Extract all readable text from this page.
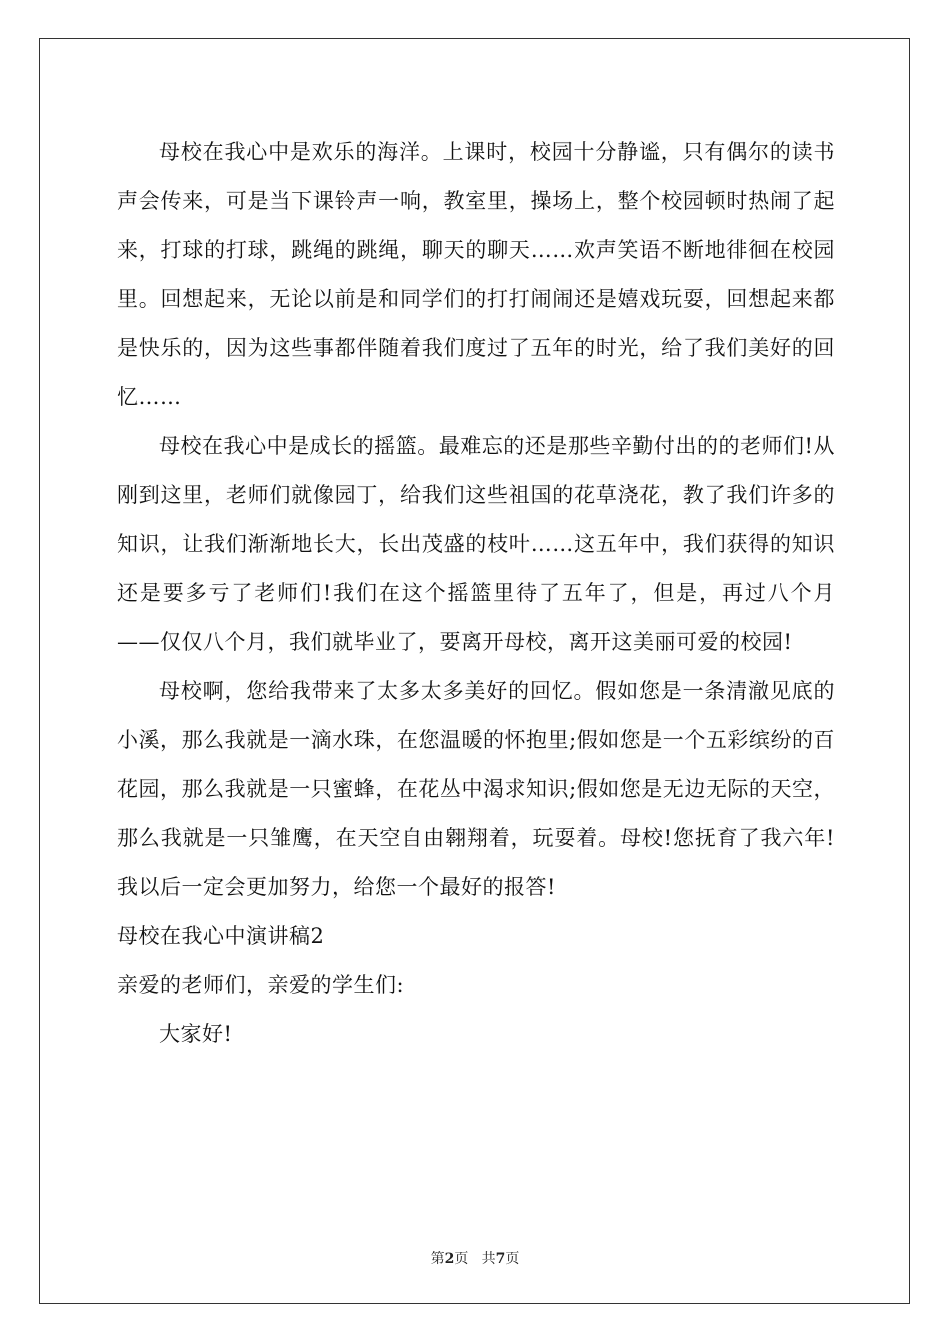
母校在我心中是欢乐的海洋。上课时，校园十分静谧，只有偶尔的读书声会传来，可是当下课铃声一响，教室里，操场上，整个校园顿时热闹了起来，打球的打球，跳绳的跳绳，聊天的聊天……欢声笑语不断地徘徊在校园里。回想起来，无论以前是和同学们的打打闹闹还是嬉戏玩耍，回想起来都是快乐的，因为这些事都伴随着我们度过了五年的时光，给了我们美好的回忆……

母校在我心中是成长的摇篮。最难忘的还是那些辛勤付出的的老师们!从刚到这里，老师们就像园丁，给我们这些祖国的花草浇花，教了我们许多的知识，让我们渐渐地长大，长出茂盛的枝叶……这五年中，我们获得的知识还是要多亏了老师们!我们在这个摇篮里待了五年了，但是，再过八个月——仅仅八个月，我们就毕业了，要离开母校，离开这美丽可爱的校园!

母校啊，您给我带来了太多太多美好的回忆。假如您是一条清澈见底的小溪，那么我就是一滴水珠，在您温暖的怀抱里;假如您是一个五彩缤纷的百花园，那么我就是一只蜜蜂，在花丛中渴求知识;假如您是无边无际的天空，那么我就是一只雏鹰，在天空自由翱翔着，玩耍着。母校!您抚育了我六年!我以后一定会更加努力，给您一个最好的报答!

母校在我心中演讲稿2

亲爱的老师们，亲爱的学生们:

大家好!

第2页 共7页
